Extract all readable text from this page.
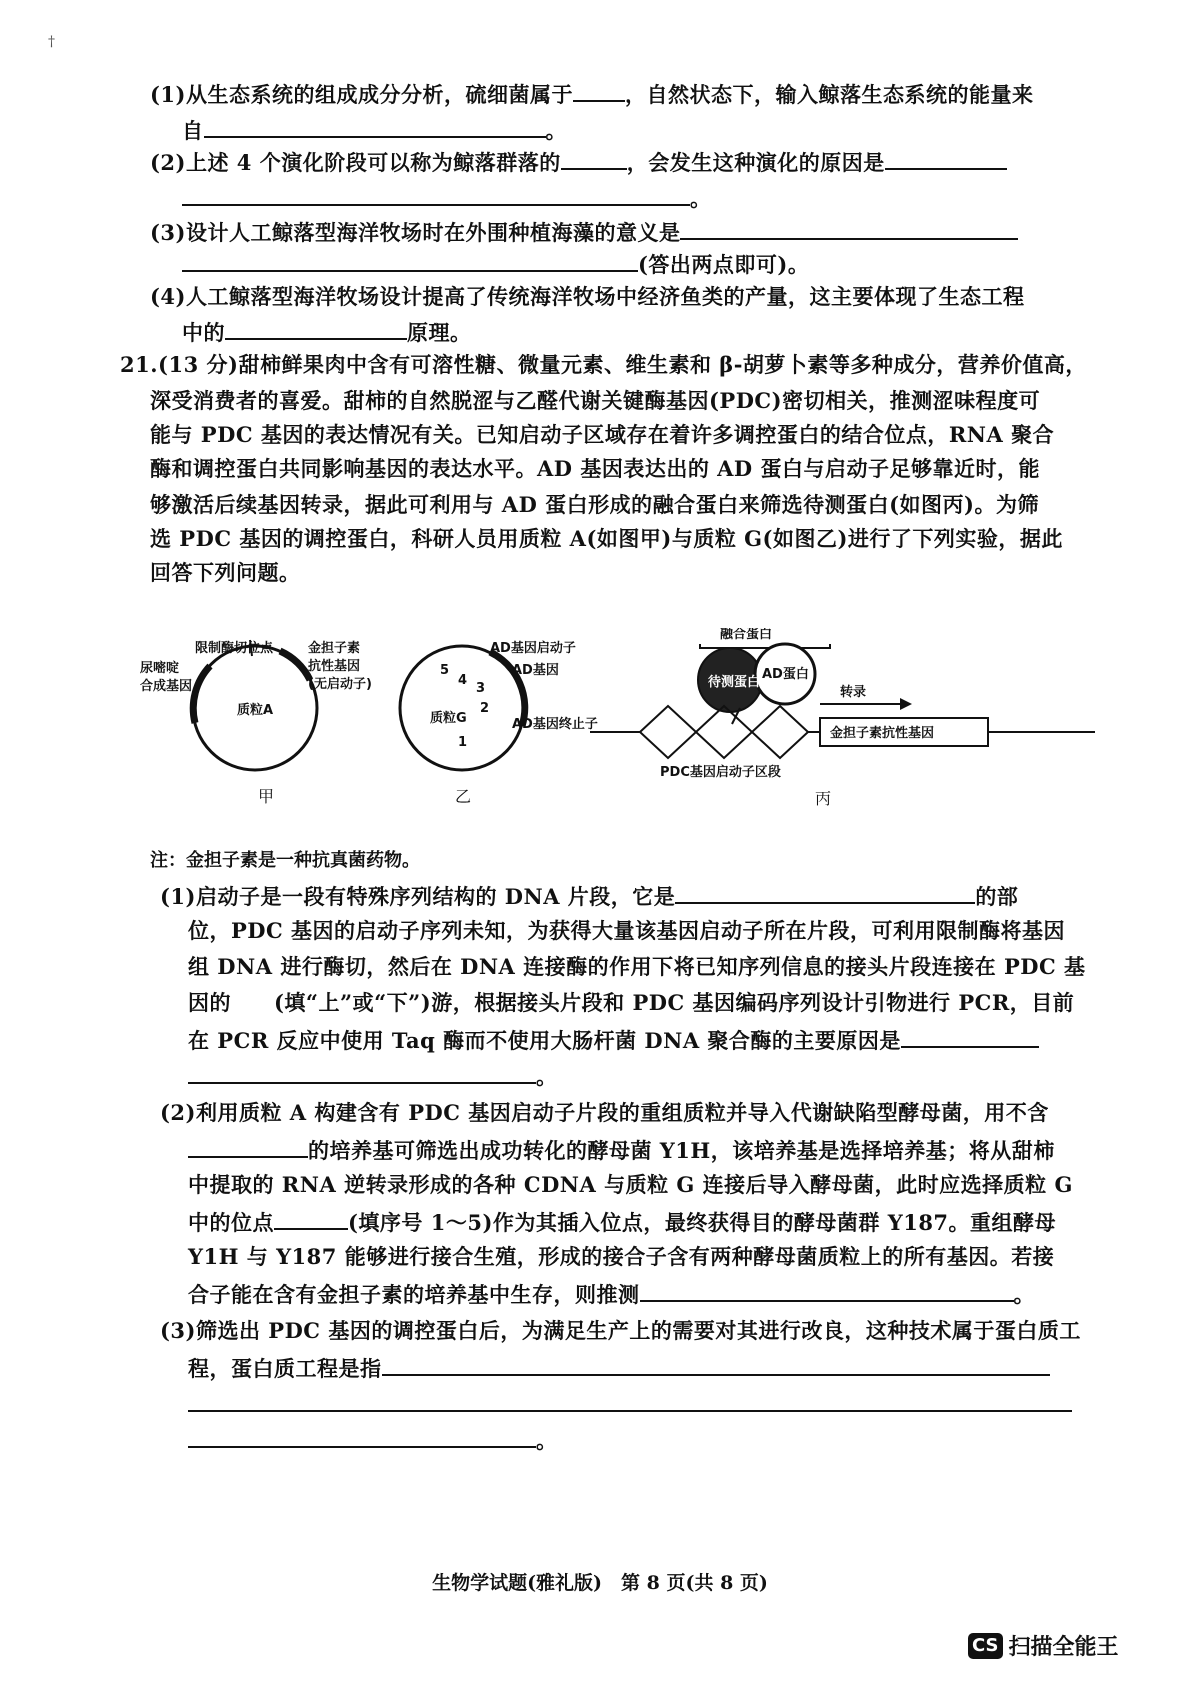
†
(1)从生态系统的组成成分分析，硫细菌属于 ，自然状态下，输入鲸落生态系统的能量来
自	。
(2)上述 4 个演化阶段可以称为鲸落群落的	，会发生这种演化的原因是
。
(3)设计人工鲸落型海洋牧场时在外围种植海藻的意义是
(答出两点即可)。
(4)人工鲸落型海洋牧场设计提高了传统海洋牧场中经济鱼类的产量，这主要体现了生态工程
中的	原理。
21.(13 分)甜柿鲜果肉中含有可溶性糖、微量元素、维生素和 β-胡萝卜素等多种成分，营养价值高，
深受消费者的喜爱。甜柿的自然脱涩与乙醛代谢关键酶基因(PDC)密切相关，推测涩味程度可
能与 PDC 基因的表达情况有关。已知启动子区域存在着许多调控蛋白的结合位点，RNA 聚合
酶和调控蛋白共同影响基因的表达水平。AD 基因表达出的 AD 蛋白与启动子足够靠近时，能
够激活后续基因转录，据此可利用与 AD 蛋白形成的融合蛋白来筛选待测蛋白(如图丙)。为筛
选 PDC 基因的调控蛋白，科研人员用质粒 A(如图甲)与质粒 G(如图乙)进行了下列实验，据此
回答下列问题。
限制酶切位点
尿嘧啶
合成基因
金担子素
抗性基因
(无启动子)
质粒A
甲
5
4
3
2
1
AD基因启动子
AD基因
AD基因终止子
质粒G
乙
融合蛋白
待测蛋白
AD蛋白
转录
金担子素抗性基因
PDC基因启动子区段
丙
注：金担子素是一种抗真菌药物。
(1)启动子是一段有特殊序列结构的 DNA 片段，它是	的部
位，PDC 基因的启动子序列未知，为获得大量该基因启动子所在片段，可利用限制酶将基因
组 DNA 进行酶切，然后在 DNA 连接酶的作用下将已知序列信息的接头片段连接在 PDC 基
因的　　(填“上”或“下”)游，根据接头片段和 PDC 基因编码序列设计引物进行 PCR，目前
在 PCR 反应中使用 Taq 酶而不使用大肠杆菌 DNA 聚合酶的主要原因是
。
(2)利用质粒 A 构建含有 PDC 基因启动子片段的重组质粒并导入代谢缺陷型酵母菌，用不含
的培养基可筛选出成功转化的酵母菌 Y1H，该培养基是选择培养基；将从甜柿
中提取的 RNA 逆转录形成的各种 CDNA 与质粒 G 连接后导入酵母菌，此时应选择质粒 G
中的位点	(填序号 1～5)作为其插入位点，最终获得目的酵母菌群 Y187。重组酵母
Y1H 与 Y187 能够进行接合生殖，形成的接合子含有两种酵母菌质粒上的所有基因。若接
合子能在含有金担子素的培养基中生存，则推测	。
(3)筛选出 PDC 基因的调控蛋白后，为满足生产上的需要对其进行改良，这种技术属于蛋白质工
程，蛋白质工程是指
。
生物学试题(雅礼版)　第 8 页(共 8 页)
CS 扫描全能王
